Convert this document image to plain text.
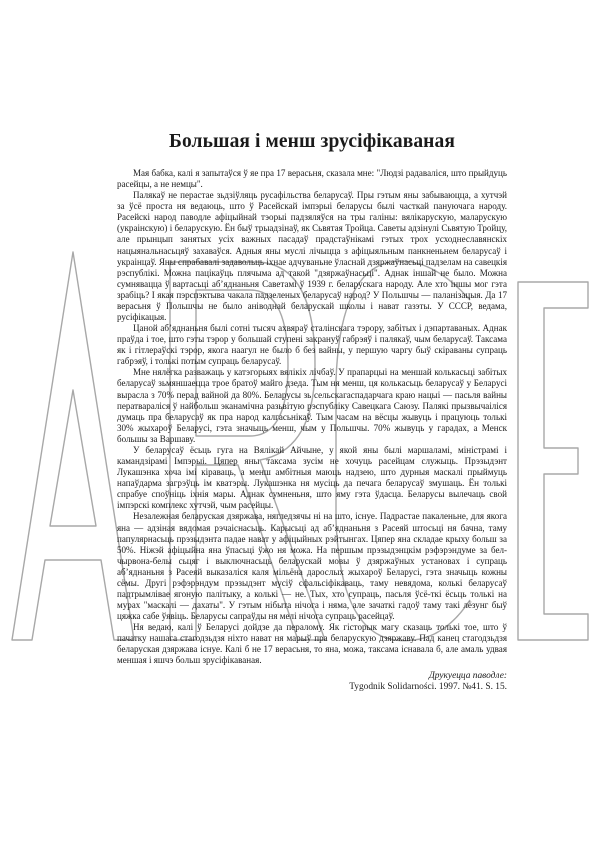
Большая і менш зрусіфікаваная

Мая бабка, калі я запытаўся ў яе пра 17 верасьня, сказала мне: "Людзі радаваліся, што прыйдуць расейцы, а не немцы".

Палякаў не перастае зьдзіўляць русафільства беларусаў. Пры гэтым яны забываюцца, а хутчэй за ўсё проста ня ведаюць, што ў Расейскай імпэрыі беларусы былі часткай пануючага народу. Расейскі народ паводле афіцыйнай тэорыі падзяляўся на тры галіны: вялікарускую, маларускую (украінскую) і беларускую. Ён быў трыадзінаў, як Сьвятая Тройца. Саветы адзінулі Сьвятую Тройцу, але прынцып занятых усіх важных пасадаў прадстаўнікамі гэтых трох усходнеславянскіх нацыянальнасьцяў захаваўся. Адныя яны муслі лічыцца з афіцыяльным панкненьнем беларусаў і украінцаў. Яны спрабавалі задавольць іхнае адчуваньне ўласнай дзяржаўнасьці падзелам на савецкія рэспублікі. Можна пацікаўць плячыма ад такой "дзяржаўнасьці". Аднак іншай не было. Можна сумнявацца ў вартасьці аб’яднаньня Саветамі ў 1939 г. беларускага народу. Але хто іншы мог гэта зрабіць? І якая пэрспэктыва чакала падзеленых беларусаў народ? У Польшчы — паланізацыя. Да 17 верасьня ў Польшчы не было аніводнай беларускай школы і нават газэты. У СССР, ведама, русіфікацыя.

Цаной аб’яднаньня былі сотні тысяч ахвяраў сталінскага тэрору, забітых і дэпартаваных. Аднак праўда і тое, што гэты тэрор у большай ступені закрануў габрэяў і палякаў, чым беларусаў. Таксама як і гітлераўскі тэрор, якога наагул не было б без вайны, у першую чаргу быў скіраваны супраць габрэяў, і толькі потым супраць беларусаў.

Мне нялёгка разважаць у катэгорыях вялікіх лічбаў. У прапарцыі на меншай колькасьці забітых беларусаў зьмяншаецца трое братоў майго дзеда. Тым ня менш, ця колькасьць беларусаў у Беларусі вырасла з 70% перад вайной да 80%. Беларусы зь сельскагаспадарчага краю нацыі — пасьля вайны ператвараліся ў найбольш эканамічна разьвітую рэспубліку Савецкага Саюзу. Палякі прызвычаіліся думаць пра беларусаў як пра народ калгасьнікаў. Тым часам на вёсцы жывуць і працуюць толькі 30% жыхароў Беларусі, гэта значыць менш, чым у Польшчы. 70% жывуць у гарадах, а Менск большы за Варшаву.

У беларусаў ёсьць гуга на Вялікай Айчыне, у якой яны былі маршаламі, міністрамі і камандзірамі Імпэрыі. Цяпер яны таксама зусім не хочуць расейцам служыць. Прэзыдэнт Лукашэнка хоча імі кіраваць, а менш амбітныя маюць надзею, што дурныя маскалі прыймуць напаўдарма загрэўць ім кватэры. Лукашэнка ня мусіць да печага беларусаў змушаць. Ён толькі спрабуе споўніць іхнія мары. Аднак сумненьня, што яму гэта ўдасца. Беларусы вылечаць свой імпэрскі комплекс хутчэй, чым расейцы.

Незалежная беларуская дзяржава, нягледзячы ні на што, існуе. Падрастае пакаленьне, для якога яна — адзіная вядомая рэчаіснасьць. Карысьці ад аб’яднаньня з Расеяй штосьці ня бачна, таму папулярнасьць прэзыдэнта падае нават у афіцыйных рэйтынгах. Цяпер яна складае крыху больш за 50%. Ніжэй афіцыйна яна ўпасьці ўжо ня можа. На першым прэзыдэнцкім рэфэрэндуме за бел-чырвона-белы сьцяг і выключнасьць беларускай мовы ў дзяржаўных установах і супраць аб’яднаньня з Расеяй выказаліся каля мільёна дарослых жыхароў Беларусі, гэта значыць кожны сёмы. Другі рэфэрэндум прэзыдэнт мусіў сфальсіфікаваць, таму невядома, колькі беларусаў падтрымлівае ягоную палітыку, а колькі — не. Тых, хто супраць, пасьля ўсё-ткі ёсьць толькі на мурах "маскалі — дахаты". У гэтым нібыта нічога і няма, але зачаткі гадоў таму такі лёзунг быў цяжка сабе ўявіць. Беларусы сапраўды ня мелі нічога супраць расейцаў.

Ня ведаю, калі ў Беларусі дойдзе да пераломy. Як гісторык магу сказаць толькі тое, што ў пачатку нашага стагодзьдзя ніхто нават ня марыў пра беларускую дзяржаву. Пад канец стагодзьдзя беларуская дзяржава існуе. Калі б не 17 верасьня, то яна, можа, таксама існавала б, але амаль удвая меншая і яшчэ больш зрусіфікаваная.

Друкуецца паводле:
Tygodnik Solidarności. 1997. №41. S. 15.
